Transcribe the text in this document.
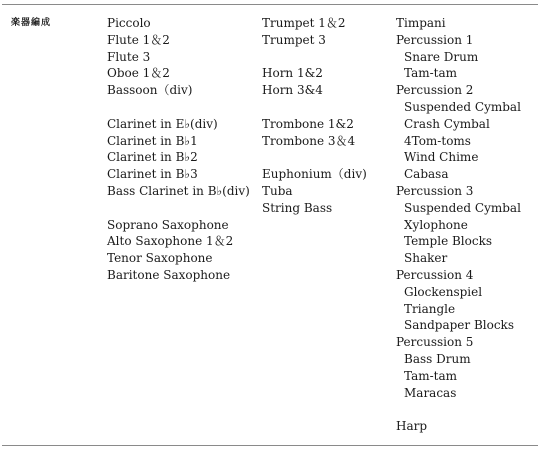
楽器編成	Piccolo
Flute 1＆2
Flute 3
Oboe 1＆2
Bassoon（div)
Clarinet in E♭(div)
Clarinet in B♭1
Clarinet in B♭2
Clarinet in B♭3
Bass Clarinet in B♭(div)
Soprano Saxophone
Alto Saxophone 1＆2
Tenor Saxophone
Baritone Saxophone
Trumpet 1＆2
Trumpet 3
Horn 1&2
Horn 3&4
Trombone 1&2
Trombone 3＆4
Euphonium（div)
Tuba
String Bass
Timpani
Percussion 1
Snare Drum
Tam-tam
Percussion 2
Suspended Cymbal
Crash Cymbal
4Tom-toms
Wind Chime
Cabasa
Percussion 3
Suspended Cymbal
Xylophone
Temple Blocks
Shaker
Percussion 4
Glockenspiel
Triangle
Sandpaper Blocks
Percussion 5
Bass Drum
Tam-tam
Maracas
Harp
